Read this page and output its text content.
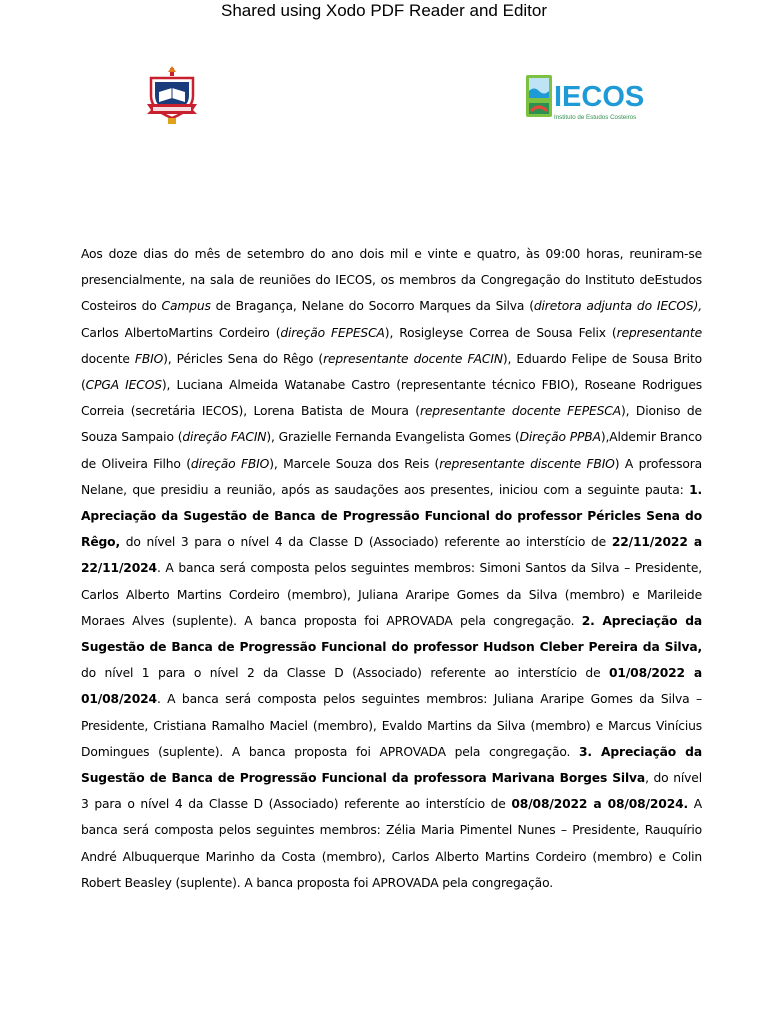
Shared using Xodo PDF Reader and Editor
IECOS
Instituto de Estudos Costeiros
Aos doze dias do mês de setembro do ano dois mil e vinte e quatro, às 09:00 horas, reuniram-se presencialmente, na sala de reuniões do IECOS, os membros da Congregação do Instituto deEstudos Costeiros do Campus de Bragança, Nelane do Socorro Marques da Silva (diretora adjunta do IECOS), Carlos AlbertoMartins Cordeiro (direção FEPESCA), Rosigleyse Correa de Sousa Felix (representante docente FBIO), Péricles Sena do Rêgo (representante docente FACIN), Eduardo Felipe de Sousa Brito (CPGA IECOS), Luciana Almeida Watanabe Castro (representante técnico FBIO), Roseane Rodrigues Correia (secretária IECOS), Lorena Batista de Moura (representante docente FEPESCA), Dioniso de Souza Sampaio (direção FACIN), Grazielle Fernanda Evangelista Gomes (Direção PPBA),Aldemir Branco de Oliveira Filho (direção FBIO), Marcele Souza dos Reis (representante discente FBIO) A professora Nelane, que presidiu a reunião, após as saudações aos presentes, iniciou com a seguinte pauta: 1. Apreciação da Sugestão de Banca de Progressão Funcional do professor Péricles Sena do Rêgo, do nível 3 para o nível 4 da Classe D (Associado) referente ao interstício de 22/11/2022 a 22/11/2024. A banca será composta pelos seguintes membros: Simoni Santos da Silva – Presidente, Carlos Alberto Martins Cordeiro (membro), Juliana Araripe Gomes da Silva (membro) e Marileide Moraes Alves (suplente). A banca proposta foi APROVADA pela congregação. 2. Apreciação da Sugestão de Banca de Progressão Funcional do professor Hudson Cleber Pereira da Silva, do nível 1 para o nível 2 da Classe D (Associado) referente ao interstício de 01/08/2022 a 01/08/2024. A banca será composta pelos seguintes membros: Juliana Araripe Gomes da Silva – Presidente, Cristiana Ramalho Maciel (membro), Evaldo Martins da Silva (membro) e Marcus Vinícius Domingues (suplente). A banca proposta foi APROVADA pela congregação. 3. Apreciação da Sugestão de Banca de Progressão Funcional da professora Marivana Borges Silva, do nível 3 para o nível 4 da Classe D (Associado) referente ao interstício de 08/08/2022 a 08/08/2024. A banca será composta pelos seguintes membros: Zélia Maria Pimentel Nunes – Presidente, Rauquírio André Albuquerque Marinho da Costa (membro), Carlos Alberto Martins Cordeiro (membro) e Colin Robert Beasley (suplente). A banca proposta foi APROVADA pela congregação.
